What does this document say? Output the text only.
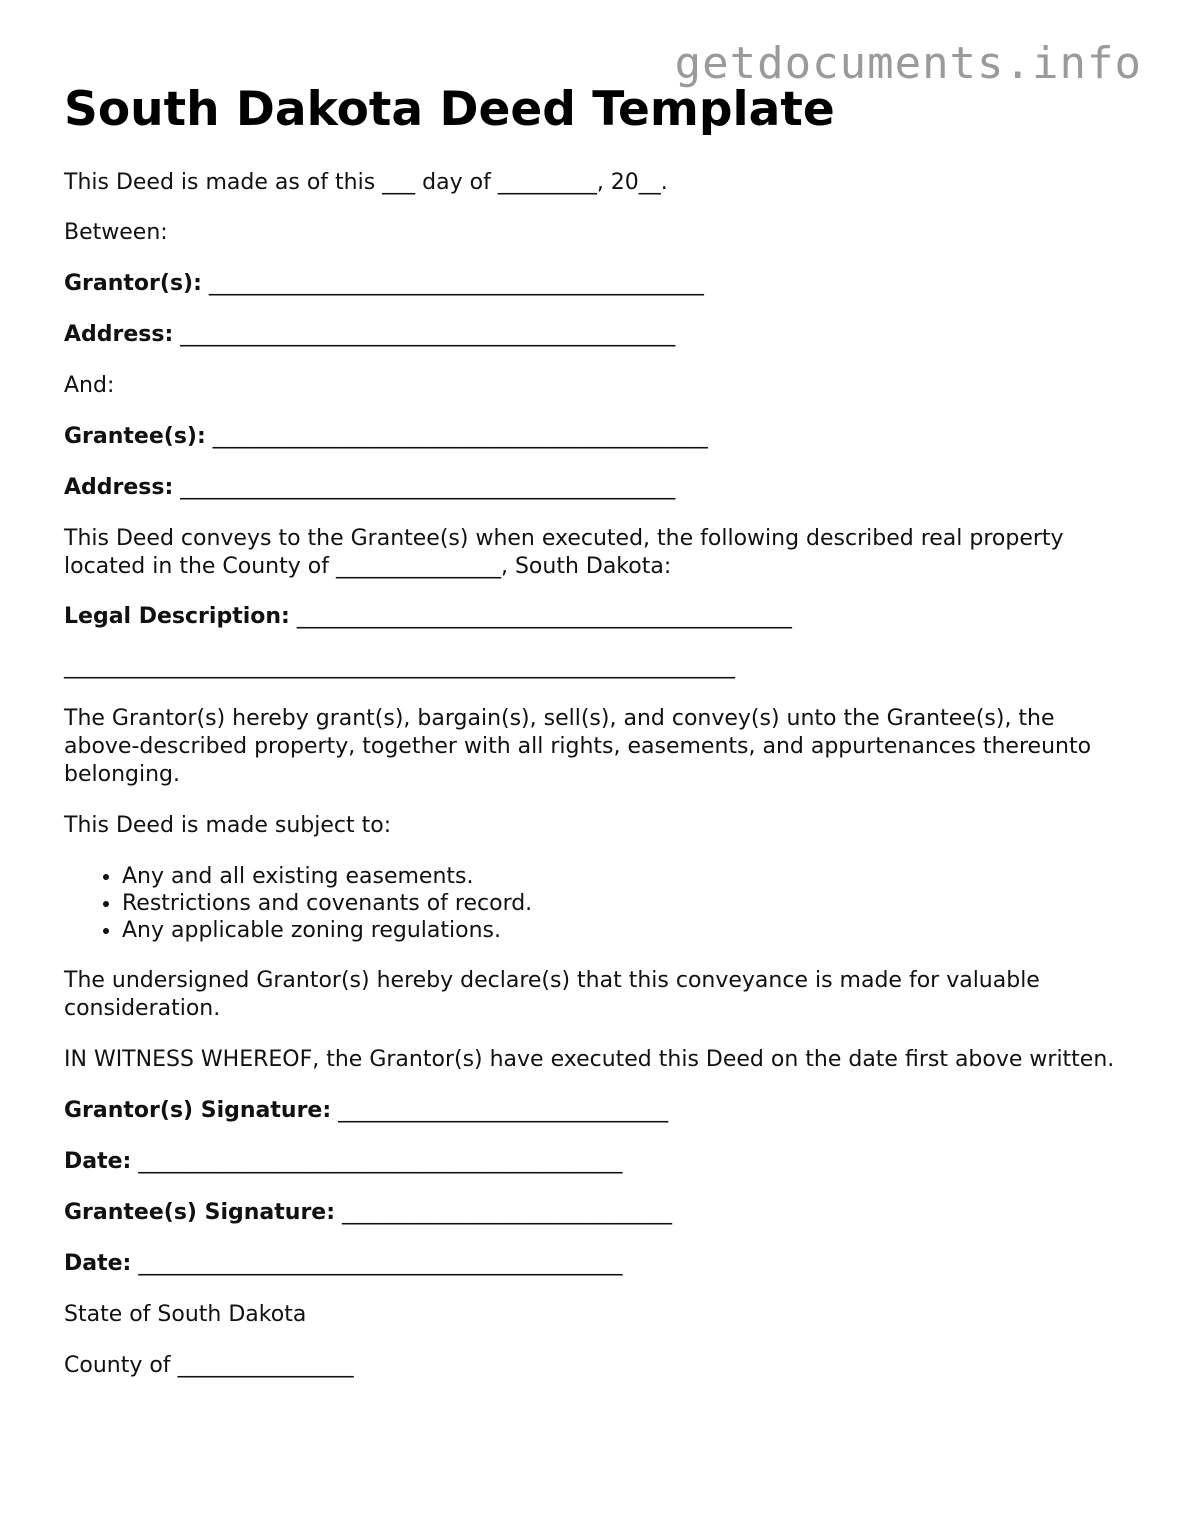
getdocuments.info
South Dakota Deed Template

This Deed is made as of this ___ day of _________, 20__.

Between:

Grantor(s): _____________________________________________

Address: _____________________________________________

And:

Grantee(s): _____________________________________________

Address: _____________________________________________

This Deed conveys to the Grantee(s) when executed, the following described real property located in the County of _______________, South Dakota:

Legal Description: _____________________________________________

_____________________________________________________________

The Grantor(s) hereby grant(s), bargain(s), sell(s), and convey(s) unto the Grantee(s), the above-described property, together with all rights, easements, and appurtenances thereunto belonging.

This Deed is made subject to:

• Any and all existing easements.
• Restrictions and covenants of record.
• Any applicable zoning regulations.

The undersigned Grantor(s) hereby declare(s) that this conveyance is made for valuable consideration.

IN WITNESS WHEREOF, the Grantor(s) have executed this Deed on the date first above written.

Grantor(s) Signature: ______________________________

Date: ____________________________________________

Grantee(s) Signature: ______________________________

Date: ____________________________________________

State of South Dakota

County of ________________
